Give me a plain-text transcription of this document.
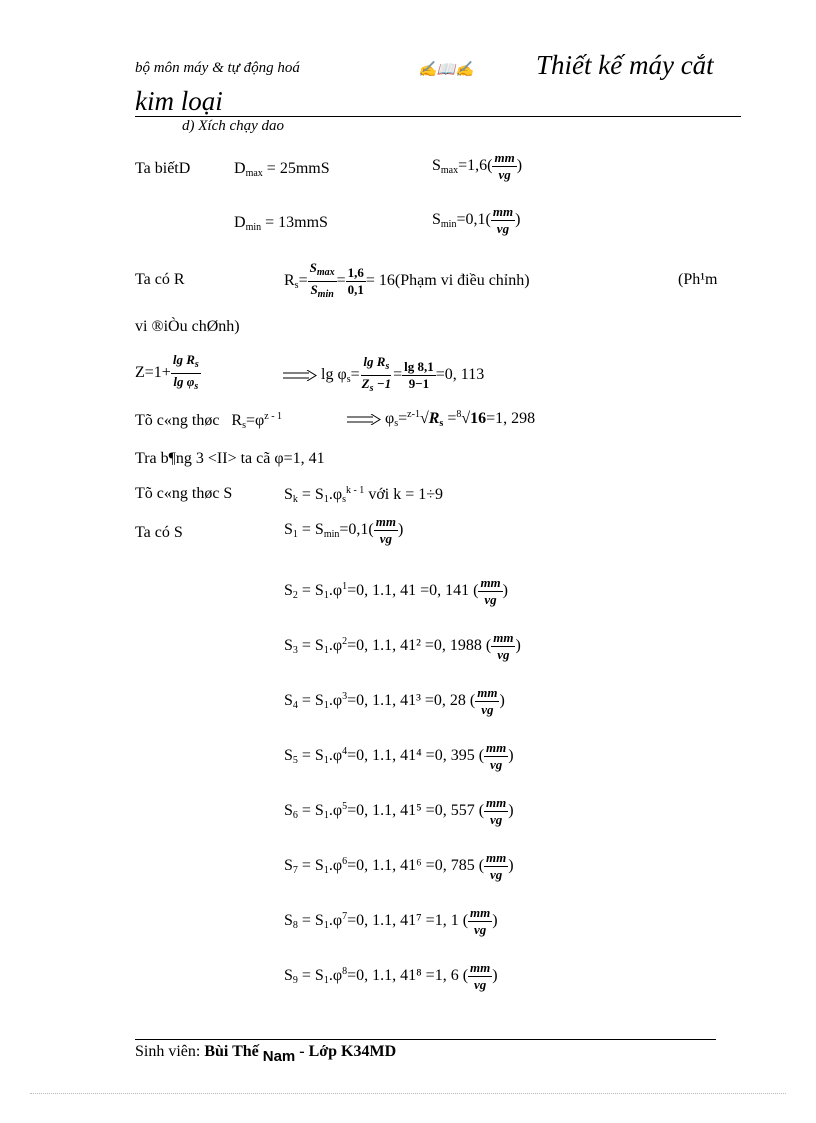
bộ môn máy & tự động hoá	✍📖✍ Thiết kế máy cắt
kim loại
d) Xích chạy dao
Ta biếtD	$D_{max} = 25mmS$	$S_{max}=1,6( \frac{mm}{vg}$ )
$D_{min} = 13mmS$	$S_{min}=0,1( \frac{mm}{vg}$ )
Ta có R	$R_s= \frac{S_{max}}{S_{min}} = \frac{1,6}{0,1}$ = 16(Phạm vi điều chỉnh)	(Ph¹m
vi ®iÒu chØnh)
$Z=1+ \frac{\lg R_s}{\lg \varphi_s}$	$\lg \varphi_s= \frac{\lg R_s}{Z_s -1} = \frac{\lg 8,1}{9-1} =0$, 113
Tõ c«ng thøc   $R_s=\varphi^{z - 1}$	$\varphi_s=^{z-1}√R_s =^8√16=1$, 298
Tra b¶ng 3 <II> ta cã φ=1, 41
Tõ c«ng thøc S	$S_k = S_1.\varphi_s^{k - 1}$ với k = 1÷9
Ta có S	$S_1 = S_{min}=0,1( \frac{mm}{vg}$ )
$S_2 = S_1.\varphi^1=0$, 1.1, 41 =0, 141 ( $\frac{mm}{vg}$ )
$S_3 = S_1.\varphi^2=0$, 1.1, 41² =0, 1988 ( $\frac{mm}{vg}$ )
$S_4 = S_1.\varphi^3=0$, 1.1, 41³ =0, 28 ( $\frac{mm}{vg}$ )
$S_5 = S_1.\varphi^4=0$, 1.1, 41⁴ =0, 395 ( $\frac{mm}{vg}$ )
$S_6 = S_1.\varphi^5=0$, 1.1, 41⁵ =0, 557 ( $\frac{mm}{vg}$ )
$S_7 = S_1.\varphi^6=0$, 1.1, 41⁶ =0, 785 ( $\frac{mm}{vg}$ )
$S_8 = S_1.\varphi^7=0$, 1.1, 41⁷ =1, 1 ( $\frac{mm}{vg}$ )
$S_9 = S_1.\varphi^8=0$, 1.1, 41⁸ =1, 6 ( $\frac{mm}{vg}$ )
Sinh viên: Bùi Thế Nam - Lớp K34MD
